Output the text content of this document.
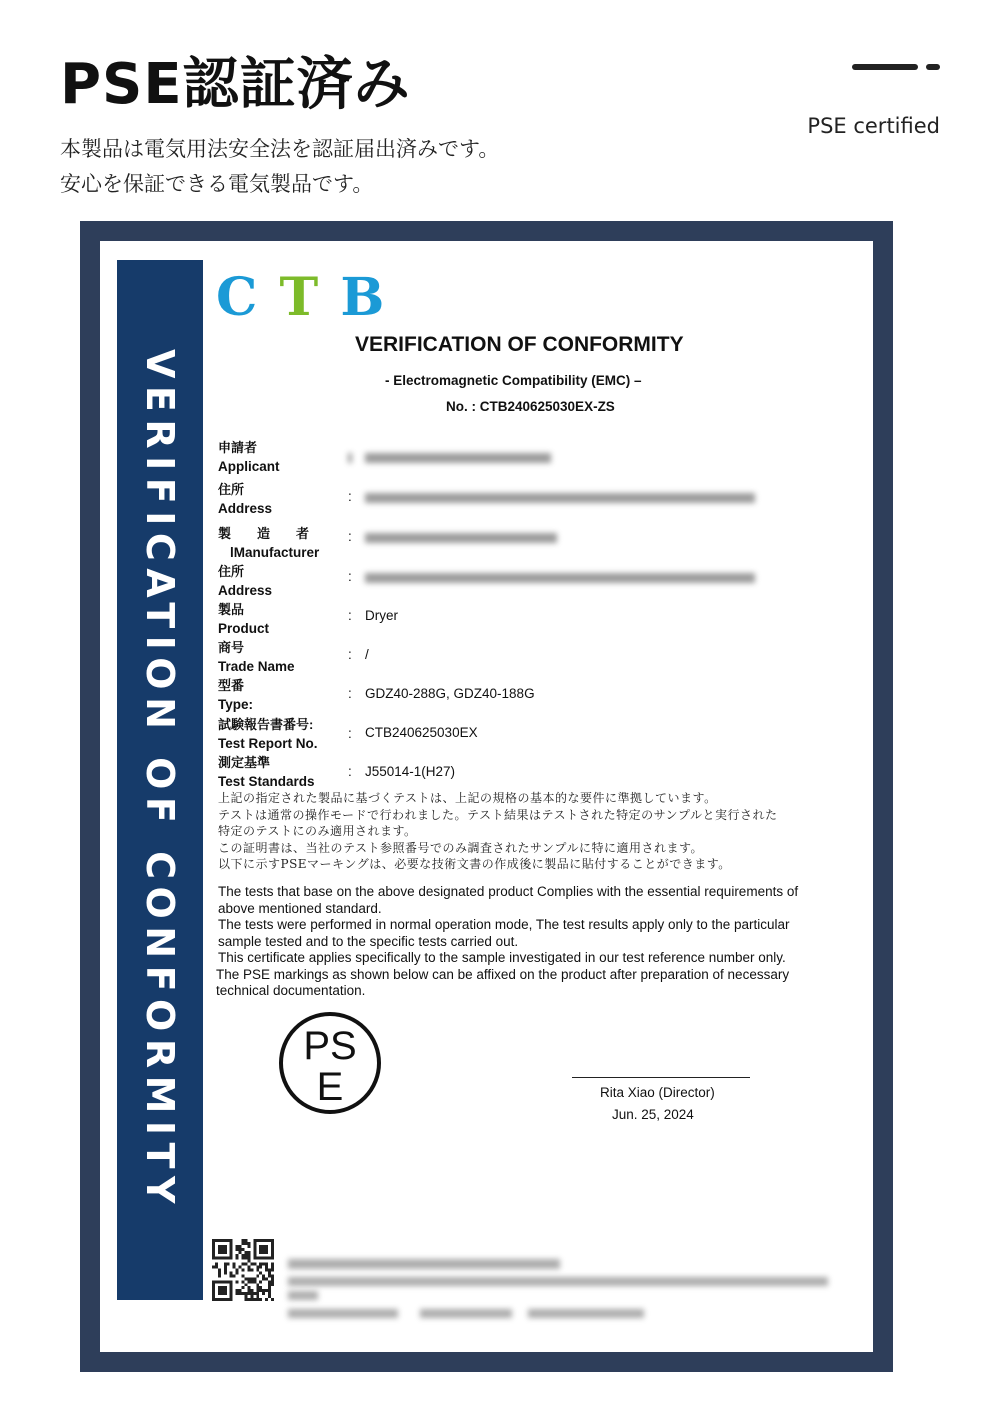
PSE認証済み
PSE certified
本製品は電気用法安全法を認証届出済みです。
安心を保証できる電気製品です。
VERIFICATION OF CONFORMITY
C T B
VERIFICATION OF CONFORMITY
- Electromagnetic Compatibility (EMC) –
No. : CTB240625030EX-ZS
申請者
Applicant
住所
Address
:
製　　造　　者
lManufacturer
:
住所
Address
:
製品
Product
: Dryer
商号
Trade Name
: /
型番
Type:
: GDZ40-288G, GDZ40-188G
試験報告書番号:
Test Report No.
: CTB240625030EX
測定基準
Test Standards
: J55014-1(H27)
上記の指定された製品に基づくテストは、上記の規格の基本的な要件に準拠しています。
テストは通常の操作モードで行われました。テスト結果はテストされた特定のサンプルと実行された
特定のテストにのみ適用されます。
この証明書は、当社のテスト参照番号でのみ調査されたサンプルに特に適用されます。
以下に示すPSEマーキングは、必要な技術文書の作成後に製品に貼付することができます。
The tests that base on the above designated product Complies with the essential requirements of
above mentioned standard.
The tests were performed in normal operation mode, The test results apply only to the particular
sample tested and to the specific tests carried out.
This certificate applies specifically to the sample investigated in our test reference number only.
The PSE markings as shown below can be affixed on the product after preparation of necessary
technical documentation.
PS
E	Rita Xiao (Director)
Jun. 25, 2024
